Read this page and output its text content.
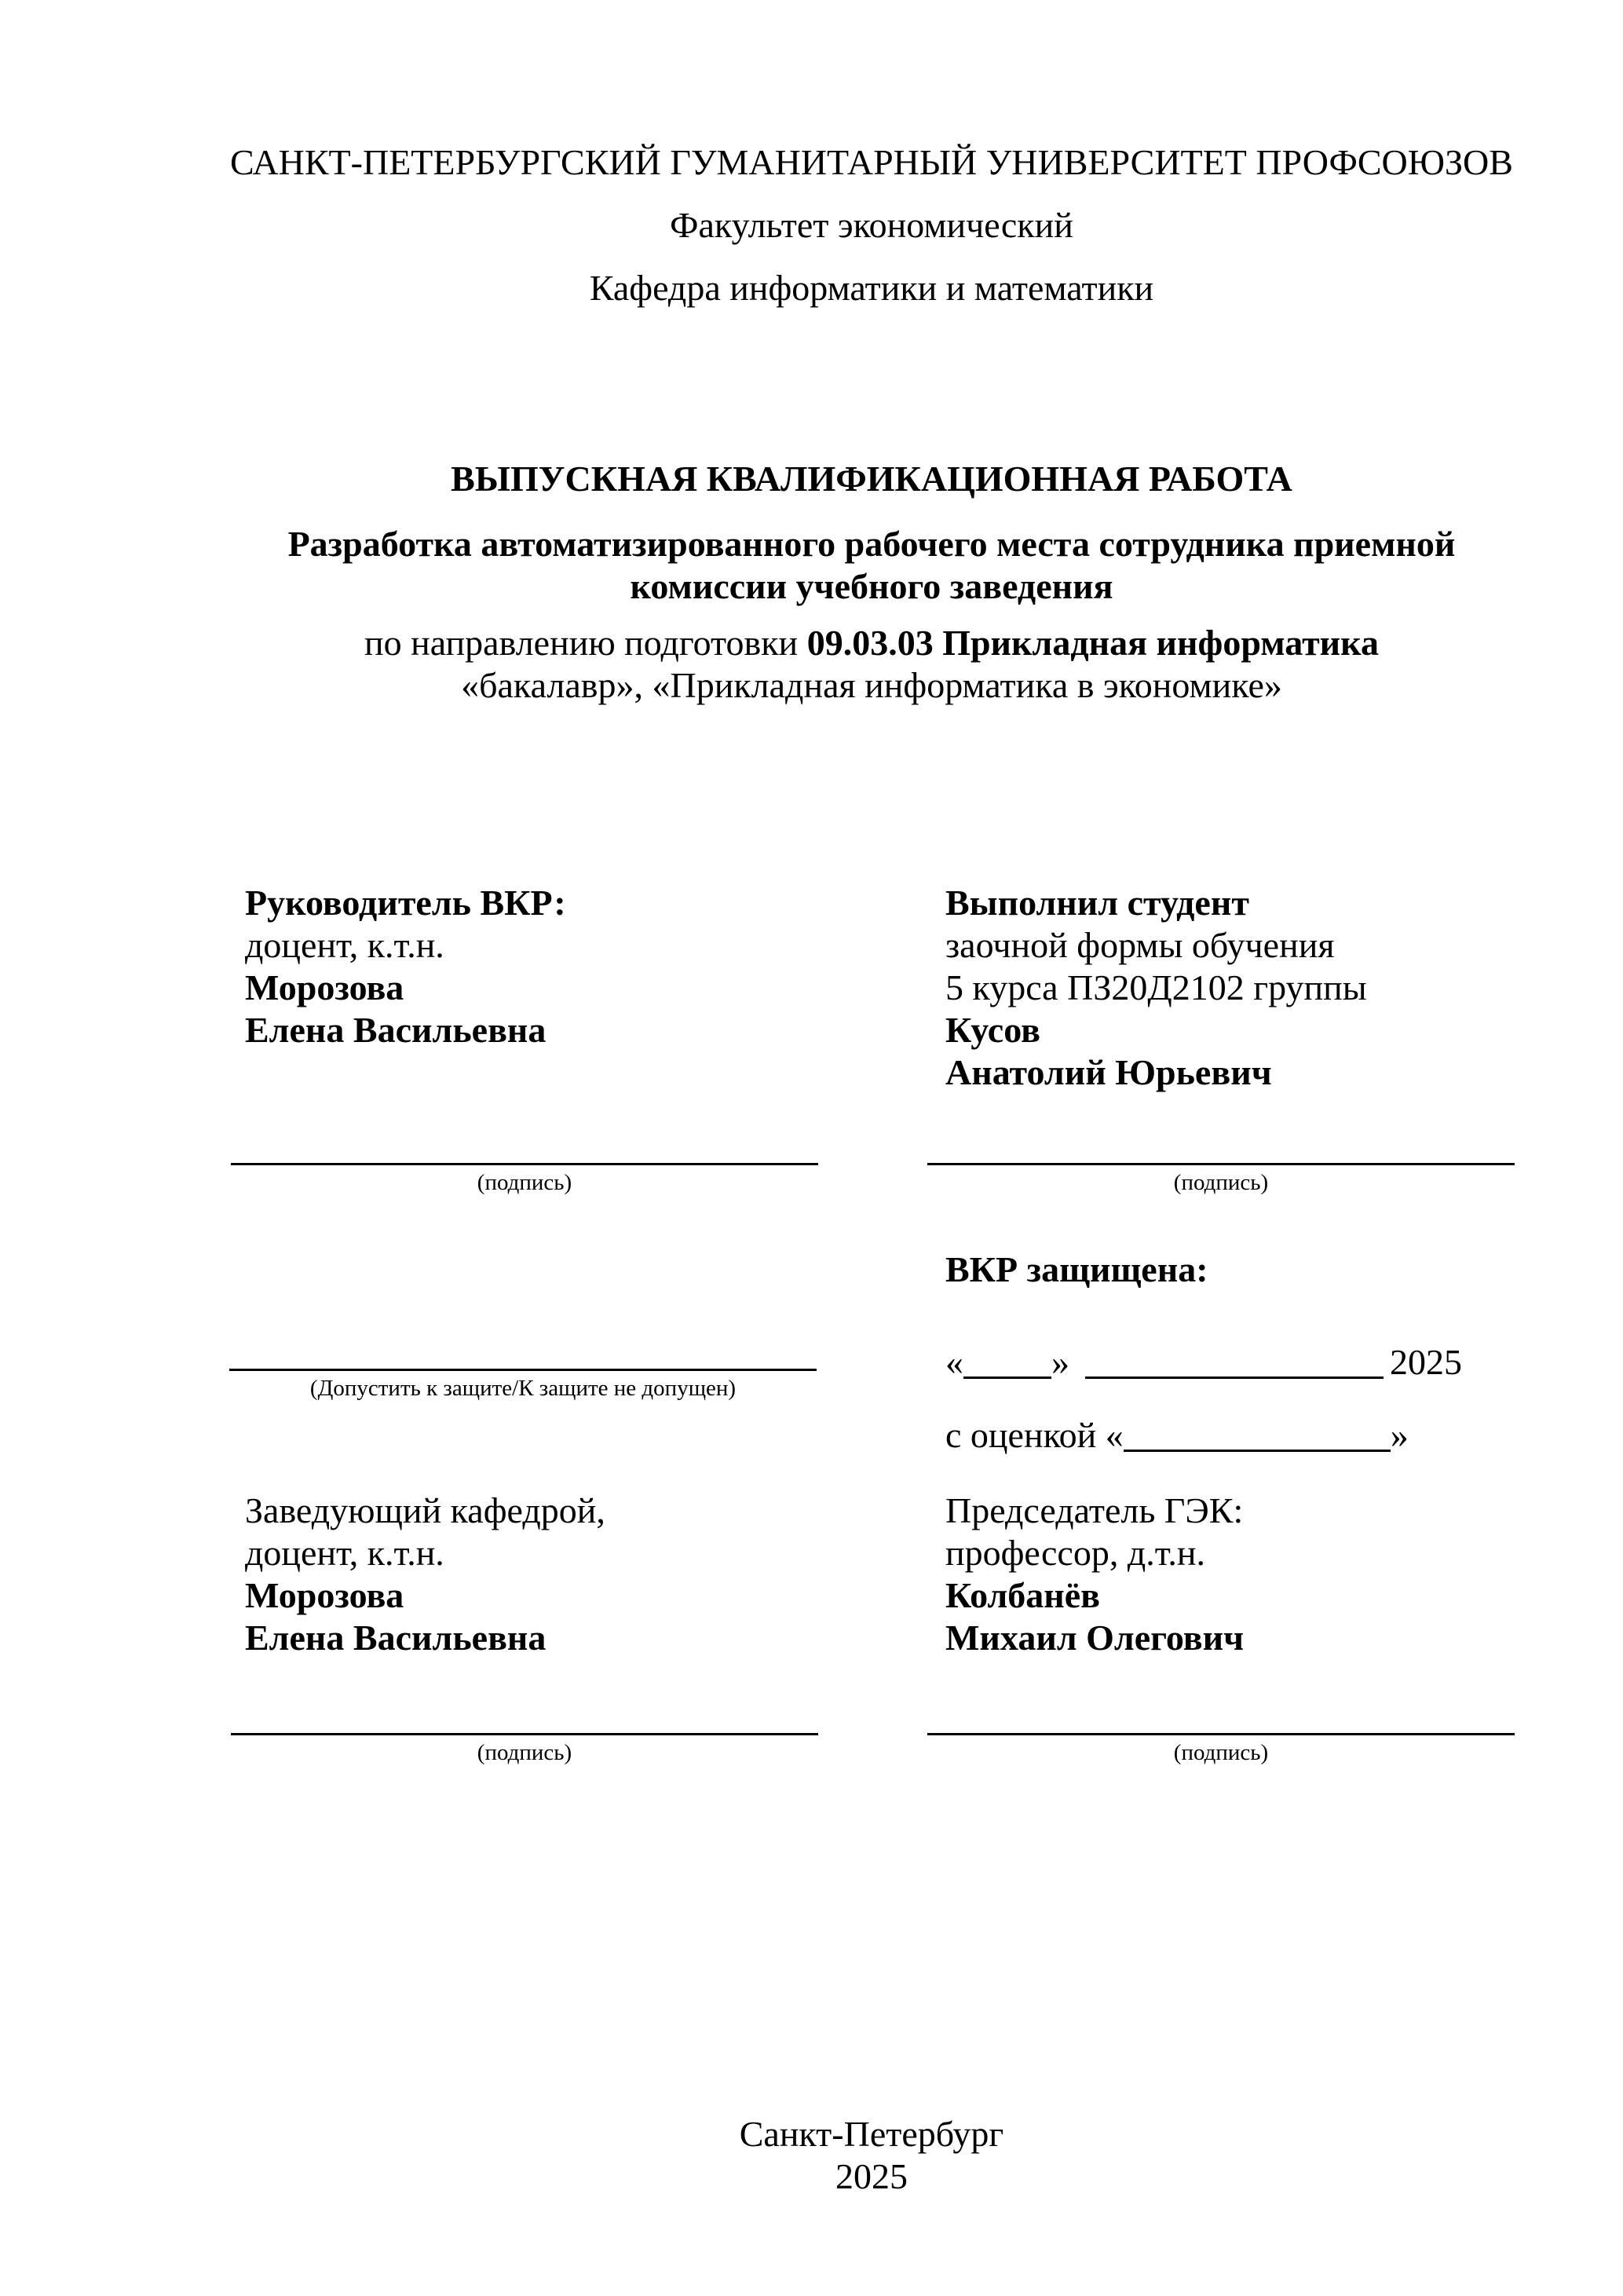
САНКТ-ПЕТЕРБУРГСКИЙ ГУМАНИТАРНЫЙ УНИВЕРСИТЕТ ПРОФСОЮЗОВ
Факультет экономический
Кафедра информатики и математики
ВЫПУСКНАЯ КВАЛИФИКАЦИОННАЯ РАБОТА
Разработка автоматизированного рабочего места сотрудника приемной
комиссии учебного заведения
по направлению подготовки 09.03.03 Прикладная информатика
«бакалавр», «Прикладная информатика в экономике»
Руководитель ВКР:
доцент, к.т.н.
Морозова
Елена Васильевна
Выполнил студент
заочной формы обучения
5 курса ПЗ20Д2102 группы
Кусов
Анатолий Юрьевич
(подпись)	(подпись)
ВКР защищена:
« »	2025
с оценкой «	»
(Допустить к защите/К защите не допущен)
Заведующий кафедрой,
доцент, к.т.н.
Морозова
Елена Васильевна
Председатель ГЭК:
профессор, д.т.н.
Колбанёв
Михаил Олегович
(подпись)	(подпись)
Санкт-Петербург
2025
